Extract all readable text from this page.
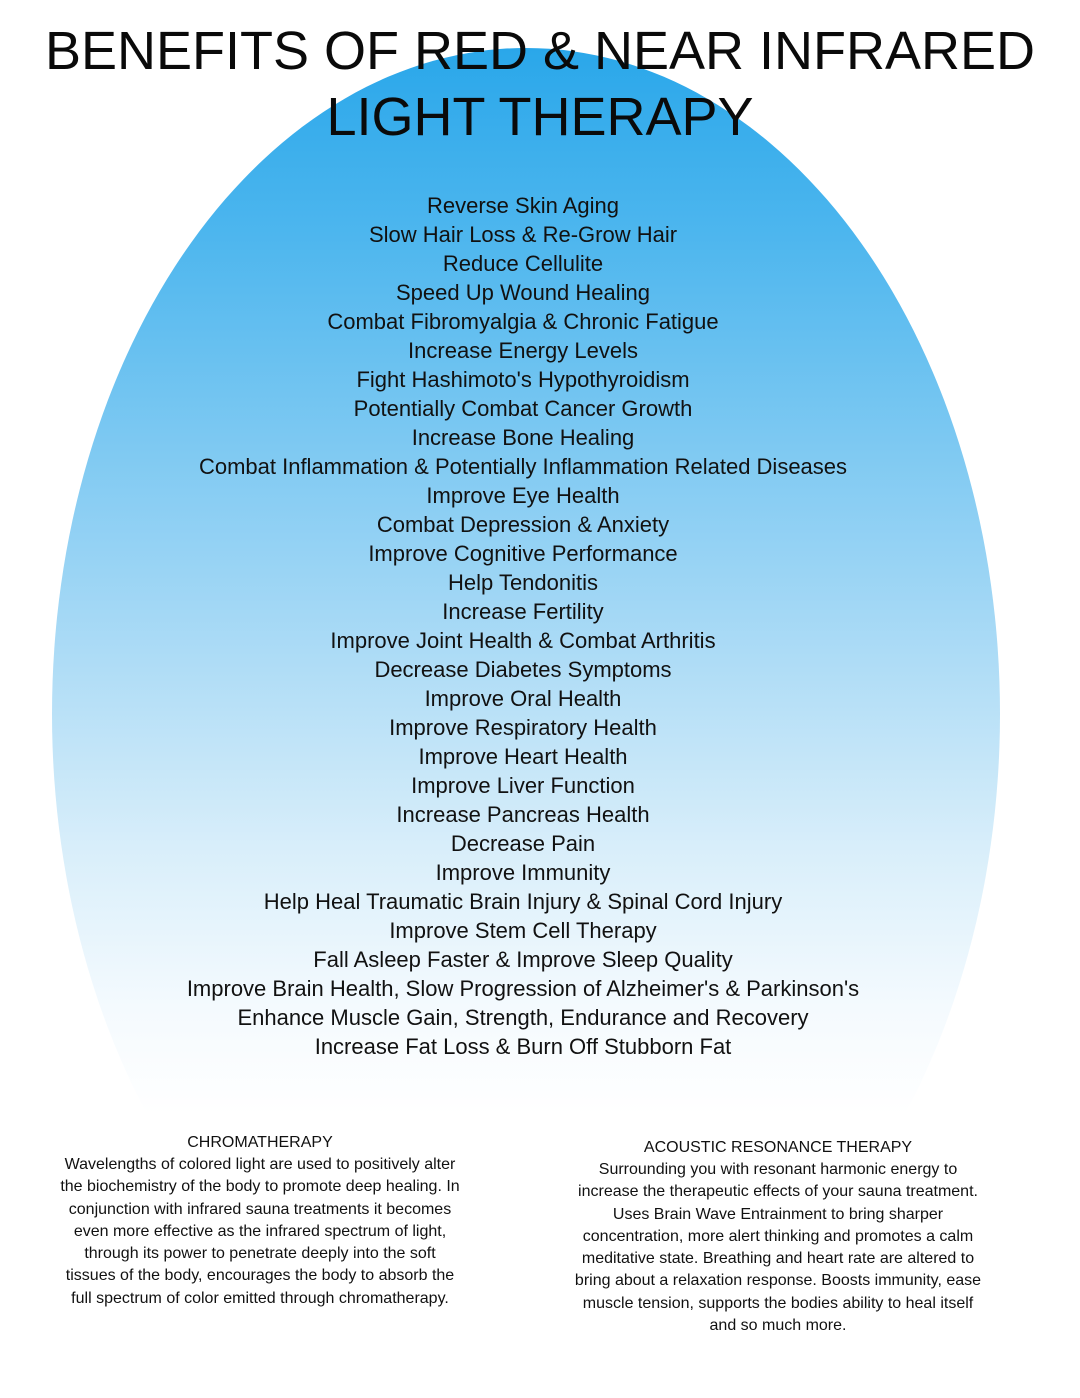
BENEFITS OF RED & NEAR INFRARED
LIGHT THERAPY
Reverse Skin Aging
Slow Hair Loss & Re-Grow Hair
Reduce Cellulite
Speed Up Wound Healing
Combat Fibromyalgia & Chronic Fatigue
Increase Energy Levels
Fight Hashimoto's Hypothyroidism
Potentially Combat Cancer Growth
Increase Bone Healing
Combat Inflammation & Potentially Inflammation Related Diseases
Improve Eye Health
Combat Depression & Anxiety
Improve Cognitive Performance
Help Tendonitis
Increase Fertility
Improve Joint Health & Combat Arthritis
Decrease Diabetes Symptoms
Improve Oral Health
Improve Respiratory Health
Improve Heart Health
Improve Liver Function
Increase Pancreas Health
Decrease Pain
Improve Immunity
Help Heal Traumatic Brain Injury & Spinal Cord Injury
Improve Stem Cell Therapy
Fall Asleep Faster & Improve Sleep Quality
Improve Brain Health, Slow Progression of Alzheimer's & Parkinson's
Enhance Muscle Gain, Strength, Endurance and Recovery
Increase Fat Loss & Burn Off Stubborn Fat
CHROMATHERAPY

Wavelengths of colored light are used to positively alter

the biochemistry of the body to promote deep healing. In

conjunction with infrared sauna treatments it becomes

even more effective as the infrared spectrum of light,

through its power to penetrate deeply into the soft

tissues of the body, encourages the body to absorb the

full spectrum of color emitted through chromatherapy.

ACOUSTIC RESONANCE THERAPY

Surrounding you with resonant harmonic energy to

increase the therapeutic effects of your sauna treatment.

Uses Brain Wave Entrainment to bring sharper

concentration, more alert thinking and promotes a calm

meditative state. Breathing and heart rate are altered to

bring about a relaxation response. Boosts immunity, ease

muscle tension, supports the bodies ability to heal itself

and so much more.
